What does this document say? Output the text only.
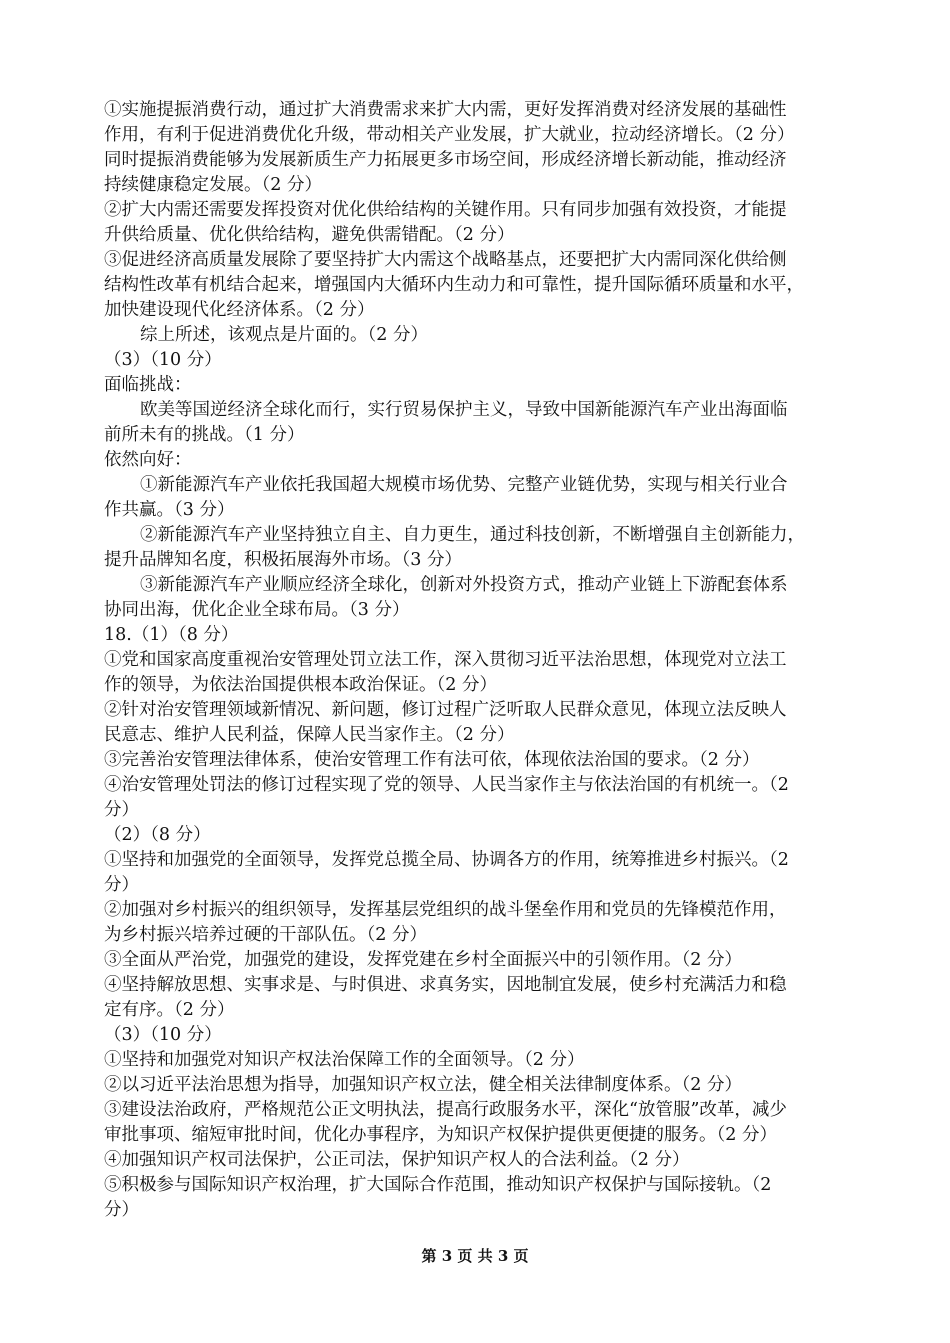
①实施提振消费行动，通过扩大消费需求来扩大内需，更好发挥消费对经济发展的基础性
作用，有利于促进消费优化升级，带动相关产业发展，扩大就业，拉动经济增长。（2 分）
同时提振消费能够为发展新质生产力拓展更多市场空间，形成经济增长新动能，推动经济
持续健康稳定发展。（2 分）
②扩大内需还需要发挥投资对优化供给结构的关键作用。只有同步加强有效投资，才能提
升供给质量、优化供给结构，避免供需错配。（2 分）
③促进经济高质量发展除了要坚持扩大内需这个战略基点，还要把扩大内需同深化供给侧
结构性改革有机结合起来，增强国内大循环内生动力和可靠性，提升国际循环质量和水平，
加快建设现代化经济体系。（2 分）
综上所述，该观点是片面的。（2 分）
（3）（10 分）
面临挑战：
欧美等国逆经济全球化而行，实行贸易保护主义，导致中国新能源汽车产业出海面临
前所未有的挑战。（1 分）
依然向好：
①新能源汽车产业依托我国超大规模市场优势、完整产业链优势，实现与相关行业合
作共赢。（3 分）
②新能源汽车产业坚持独立自主、自力更生，通过科技创新，不断增强自主创新能力，
提升品牌知名度，积极拓展海外市场。（3 分）
③新能源汽车产业顺应经济全球化，创新对外投资方式，推动产业链上下游配套体系
协同出海，优化企业全球布局。（3 分）
18.（1）（8 分）
①党和国家高度重视治安管理处罚立法工作，深入贯彻习近平法治思想，体现党对立法工
作的领导，为依法治国提供根本政治保证。（2 分）
②针对治安管理领域新情况、新问题，修订过程广泛听取人民群众意见，体现立法反映人
民意志、维护人民利益，保障人民当家作主。（2 分）
③完善治安管理法律体系，使治安管理工作有法可依，体现依法治国的要求。（2 分）
④治安管理处罚法的修订过程实现了党的领导、人民当家作主与依法治国的有机统一。（2
分）
（2）（8 分）
①坚持和加强党的全面领导，发挥党总揽全局、协调各方的作用，统筹推进乡村振兴。（2
分）
②加强对乡村振兴的组织领导，发挥基层党组织的战斗堡垒作用和党员的先锋模范作用，
为乡村振兴培养过硬的干部队伍。（2 分）
③全面从严治党，加强党的建设，发挥党建在乡村全面振兴中的引领作用。（2 分）
④坚持解放思想、实事求是、与时俱进、求真务实，因地制宜发展，使乡村充满活力和稳
定有序。（2 分）
（3）（10 分）
①坚持和加强党对知识产权法治保障工作的全面领导。（2 分）
②以习近平法治思想为指导，加强知识产权立法，健全相关法律制度体系。（2 分）
③建设法治政府，严格规范公正文明执法，提高行政服务水平，深化“放管服”改革，减少
审批事项、缩短审批时间，优化办事程序，为知识产权保护提供更便捷的服务。（2 分）
④加强知识产权司法保护，公正司法，保护知识产权人的合法利益。（2 分）
⑤积极参与国际知识产权治理，扩大国际合作范围，推动知识产权保护与国际接轨。（2
分）
第 3 页 共 3 页
